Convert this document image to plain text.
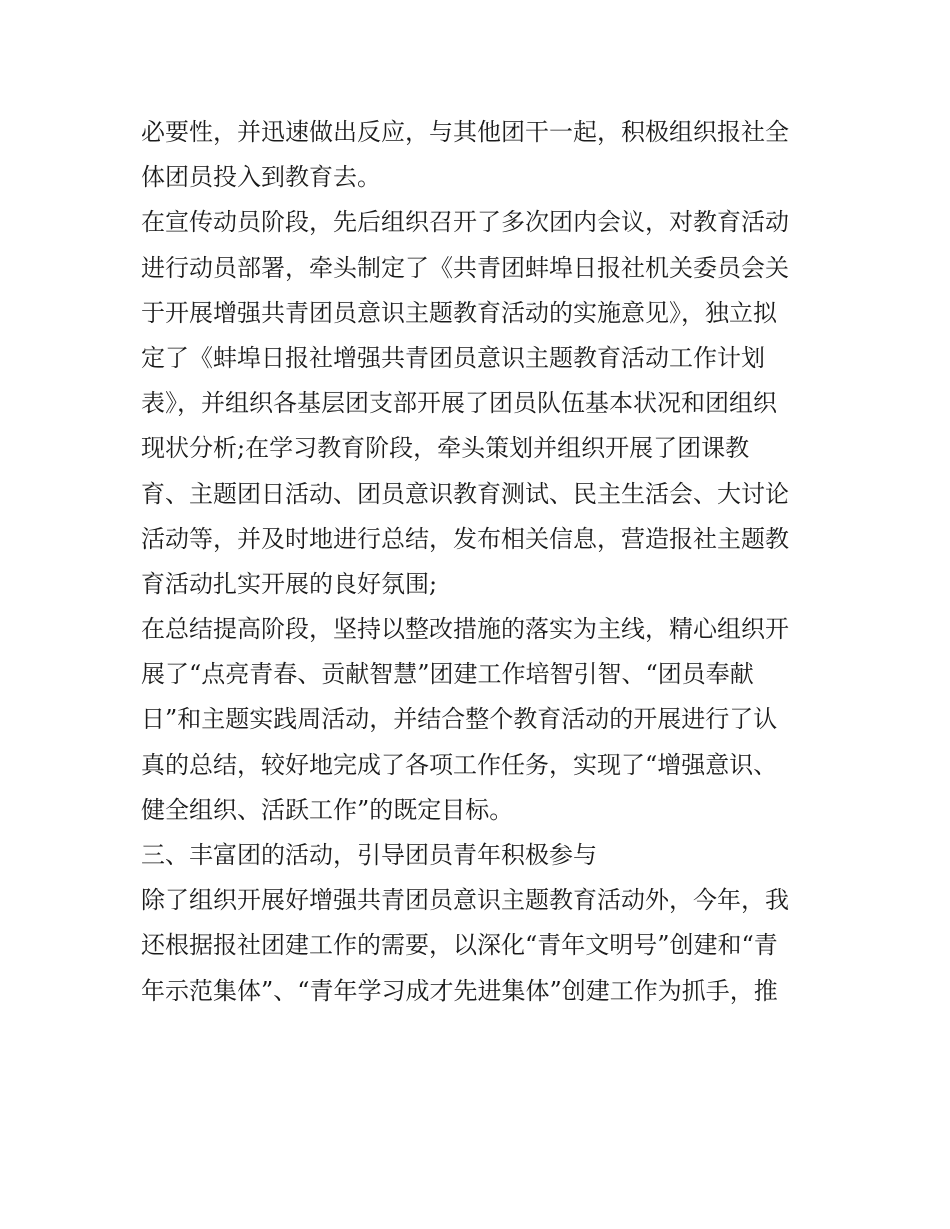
必要性，并迅速做出反应，与其他团干一起，积极组织报社全

体团员投入到教育去。

在宣传动员阶段，先后组织召开了多次团内会议，对教育活动

进行动员部署，牵头制定了《共青团蚌埠日报社机关委员会关

于开展增强共青团员意识主题教育活动的实施意见》，独立拟

定了《蚌埠日报社增强共青团员意识主题教育活动工作计划

表》，并组织各基层团支部开展了团员队伍基本状况和团组织

现状分析;在学习教育阶段，牵头策划并组织开展了团课教

育、主题团日活动、团员意识教育测试、民主生活会、大讨论

活动等，并及时地进行总结，发布相关信息，营造报社主题教

育活动扎实开展的良好氛围;

在总结提高阶段，坚持以整改措施的落实为主线，精心组织开

展了“点亮青春、贡献智慧”团建工作培智引智、“团员奉献

日”和主题实践周活动，并结合整个教育活动的开展进行了认

真的总结，较好地完成了各项工作任务，实现了“增强意识、

健全组织、活跃工作”的既定目标。

三、丰富团的活动，引导团员青年积极参与

除了组织开展好增强共青团员意识主题教育活动外，今年，我

还根据报社团建工作的需要，以深化“青年文明号”创建和“青

年示范集体”、“青年学习成才先进集体”创建工作为抓手，推
